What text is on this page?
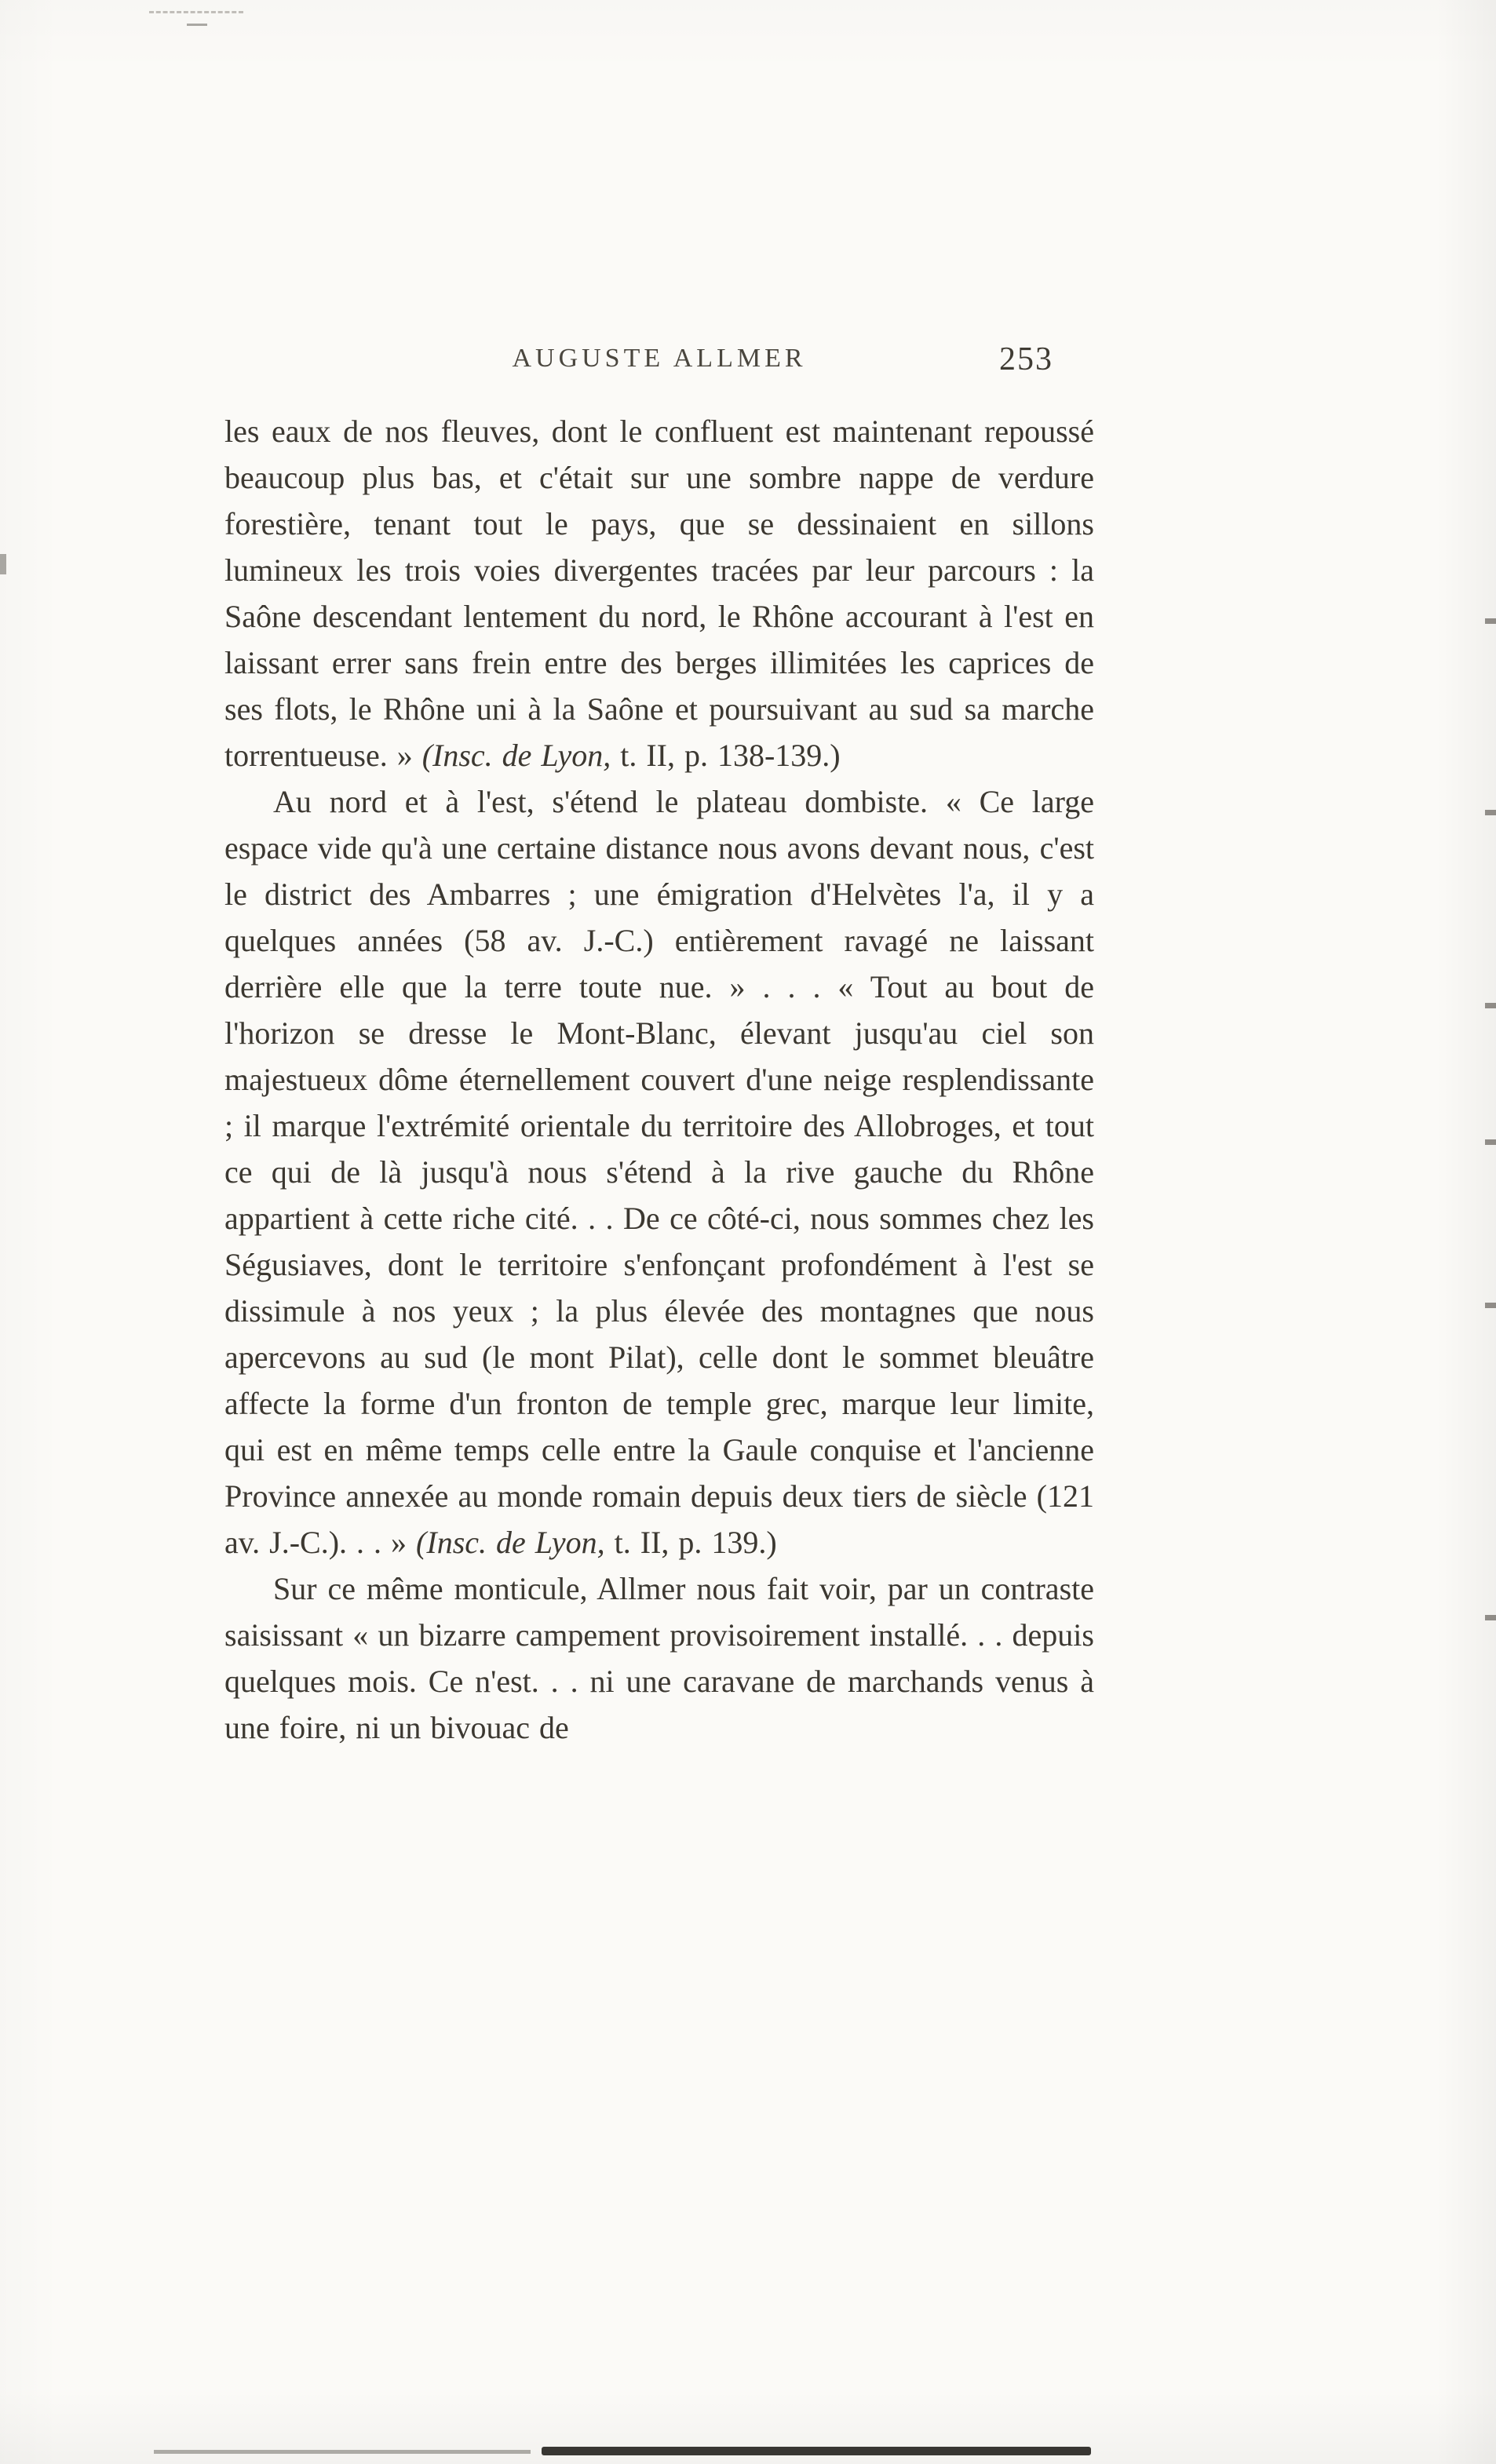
AUGUSTE ALLMER	253

les eaux de nos fleuves, dont le confluent est maintenant repoussé beaucoup plus bas, et c'était sur une sombre nappe de verdure forestière, tenant tout le pays, que se dessinaient en sillons lumineux les trois voies divergentes tracées par leur parcours : la Saône descendant lentement du nord, le Rhône accourant à l'est en laissant errer sans frein entre des berges illimitées les caprices de ses flots, le Rhône uni à la Saône et poursuivant au sud sa marche torrentueuse. » (Insc. de Lyon, t. II, p. 138-139.)

Au nord et à l'est, s'étend le plateau dombiste. « Ce large espace vide qu'à une certaine distance nous avons devant nous, c'est le district des Ambarres ; une émigration d'Helvètes l'a, il y a quelques années (58 av. J.-C.) entièrement ravagé ne laissant derrière elle que la terre toute nue. » . . . « Tout au bout de l'horizon se dresse le Mont-Blanc, élevant jusqu'au ciel son majestueux dôme éternellement couvert d'une neige resplendissante ; il marque l'extrémité orientale du territoire des Allobroges, et tout ce qui de là jusqu'à nous s'étend à la rive gauche du Rhône appartient à cette riche cité. . . De ce côté-ci, nous sommes chez les Ségusiaves, dont le territoire s'enfonçant profondément à l'est se dissimule à nos yeux ; la plus élevée des montagnes que nous apercevons au sud (le mont Pilat), celle dont le sommet bleuâtre affecte la forme d'un fronton de temple grec, marque leur limite, qui est en même temps celle entre la Gaule conquise et l'ancienne Province annexée au monde romain depuis deux tiers de siècle (121 av. J.-C.). . . » (Insc. de Lyon, t. II, p. 139.)

Sur ce même monticule, Allmer nous fait voir, par un contraste saisissant « un bizarre campement provisoirement installé. . . depuis quelques mois. Ce n'est. . . ni une caravane de marchands venus à une foire, ni un bivouac de
